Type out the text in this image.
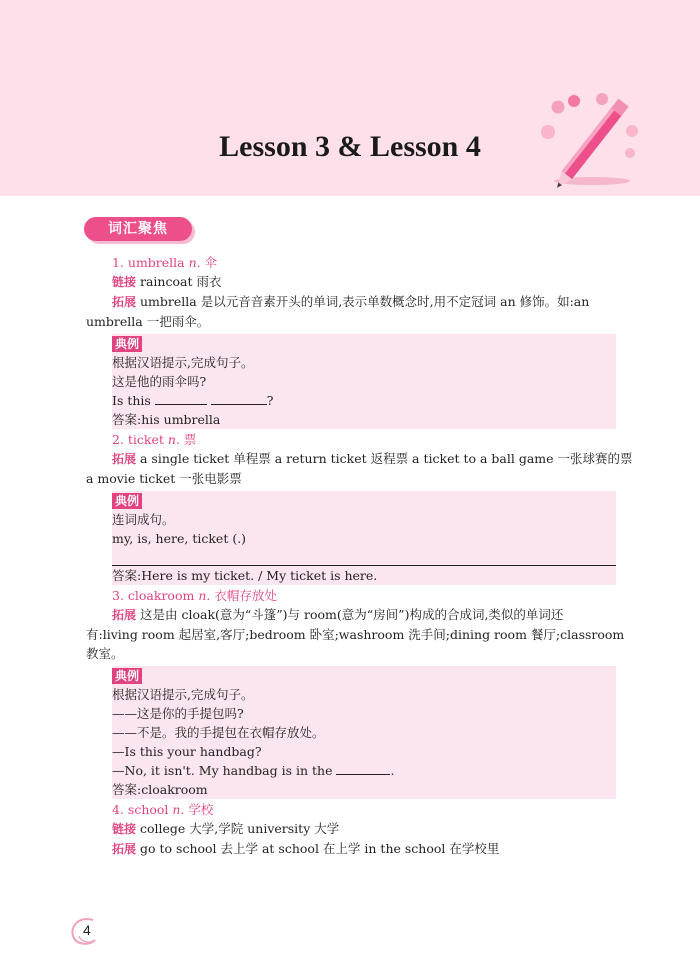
Lesson 3 & Lesson 4
词汇聚焦
1. umbrella n. 伞
链接 raincoat 雨衣
拓展 umbrella 是以元音音素开头的单词,表示单数概念时,用不定冠词 an 修饰。如:an
umbrella 一把雨伞。
典例
根据汉语提示,完成句子。
这是他的雨伞吗?
Is this	?
答案:his umbrella
2. ticket n. 票
拓展 a single ticket 单程票 a return ticket 返程票 a ticket to a ball game 一张球赛的票
a movie ticket 一张电影票
典例
连词成句。
my, is, here, ticket (.)
答案:Here is my ticket. / My ticket is here.
3. cloakroom n. 衣帽存放处
拓展 这是由 cloak(意为“斗篷”)与 room(意为“房间”)构成的合成词,类似的单词还
有:living room 起居室,客厅;bedroom 卧室;washroom 洗手间;dining room 餐厅;classroom
教室。
典例
根据汉语提示,完成句子。
——这是你的手提包吗?
——不是。我的手提包在衣帽存放处。
—Is this your handbag?
—No, it isn't. My handbag is in the	.
答案:cloakroom
4. school n. 学校
链接 college 大学,学院 university 大学
拓展 go to school 去上学 at school 在上学 in the school 在学校里
4
